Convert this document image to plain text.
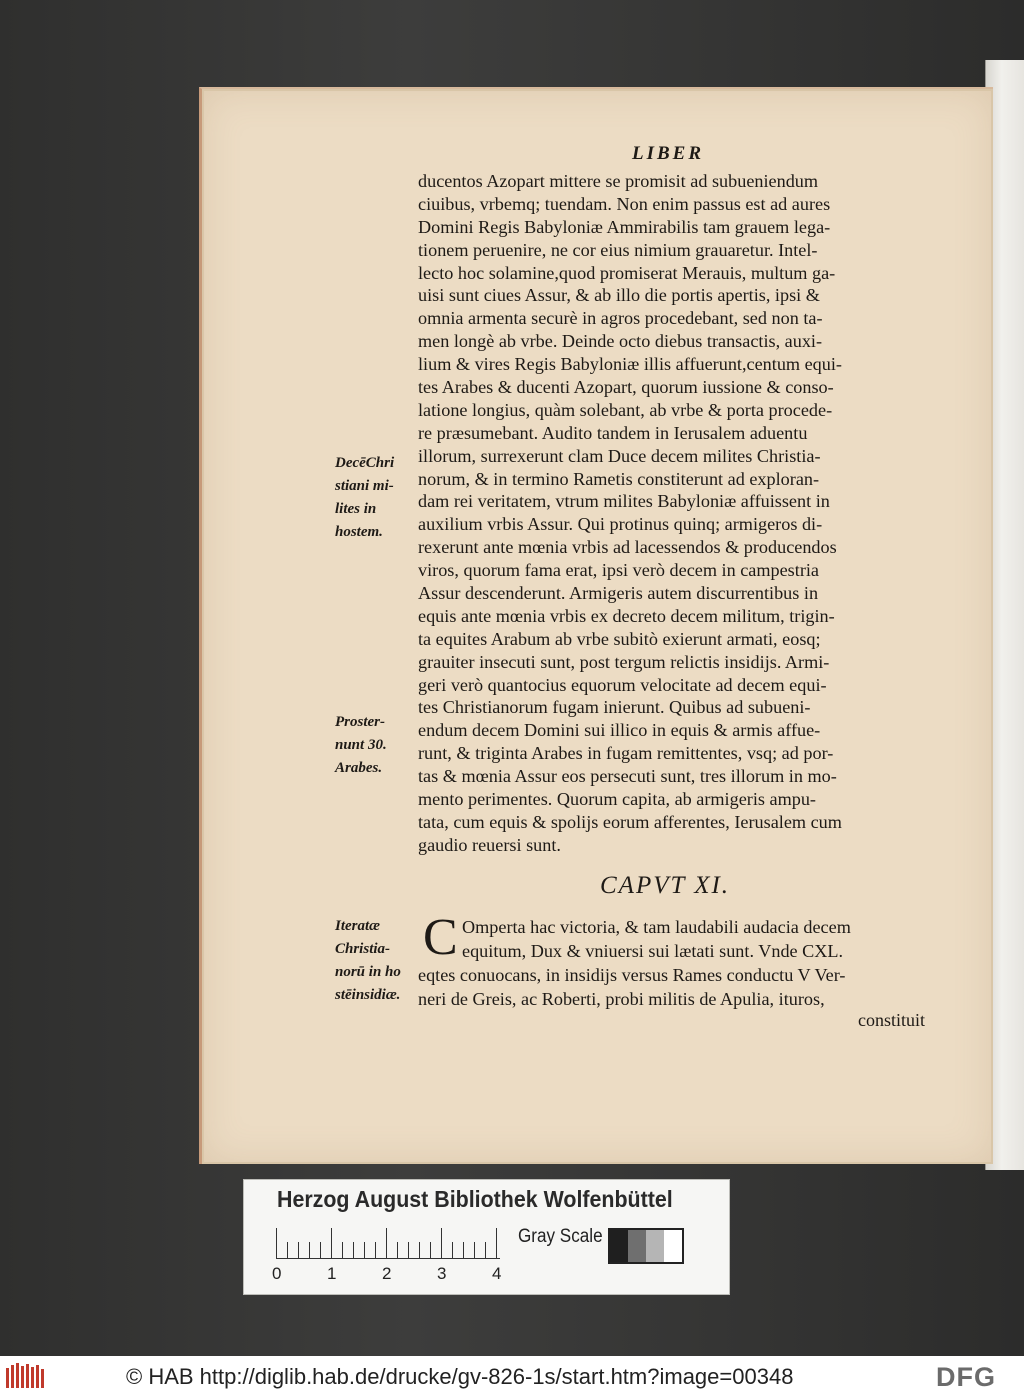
LIBER
ducentos Azopart mittere se promisit ad subueniendum
ciuibus, vrbemq; tuendam. Non enim passus est ad aures
Domini Regis Babyloniæ Ammirabilis tam grauem lega-
tionem peruenire, ne cor eius nimium grauaretur. Intel-
lecto hoc solamine,quod promiserat Merauis, multum ga-
uisi sunt ciues Assur, & ab illo die portis apertis, ipsi &
omnia armenta securè in agros procedebant, sed non ta-
men longè ab vrbe. Deinde octo diebus transactis, auxi-
lium & vires Regis Babyloniæ illis affuerunt,centum equi-
tes Arabes & ducenti Azopart, quorum iussione & conso-
latione longius, quàm solebant, ab vrbe & porta procede-
re præsumebant. Audito tandem in Ierusalem aduentu
illorum, surrexerunt clam Duce decem milites Christia-
norum, & in termino Rametis constiterunt ad exploran-
dam rei veritatem, vtrum milites Babyloniæ affuissent in
auxilium vrbis Assur. Qui protinus quinq; armigeros di-
rexerunt ante mœnia vrbis ad lacessendos & producendos
viros, quorum fama erat, ipsi verò decem in campestria
Assur descenderunt. Armigeris autem discurrentibus in
equis ante mœnia vrbis ex decreto decem militum, trigin-
ta equites Arabum ab vrbe subitò exierunt armati, eosq;
grauiter insecuti sunt, post tergum relictis insidijs. Armi-
geri verò quantocius equorum velocitate ad decem equi-
tes Christianorum fugam inierunt. Quibus ad subueni-
endum decem Domini sui illico in equis & armis affue-
runt, & triginta Arabes in fugam remittentes, vsq; ad por-
tas & mœnia Assur eos persecuti sunt, tres illorum in mo-
mento perimentes. Quorum capita, ab armigeris ampu-
tata, cum equis & spolijs eorum afferentes, Ierusalem cum
gaudio reuersi sunt.
DecēChri
stiani mi-
lites in
hostem.
Proster-
nunt 30.
Arabes.
Iteratæ
Christia-
norū in ho
stēinsidiæ.
CAPVT XI.
C Omperta hac victoria, & tam laudabili audacia decem
equitum, Dux & vniuersi sui lætati sunt. Vnde CXL.
eqtes conuocans, in insidijs versus Rames conductu V Ver-
neri de Greis, ac Roberti, probi militis de Apulia, ituros,
constituit
Herzog August Bibliothek Wolfenbüttel
0	1	2	3	4
Gray Scale
© HAB http://diglib.hab.de/drucke/gv-826-1s/start.htm?image=00348	DFG
